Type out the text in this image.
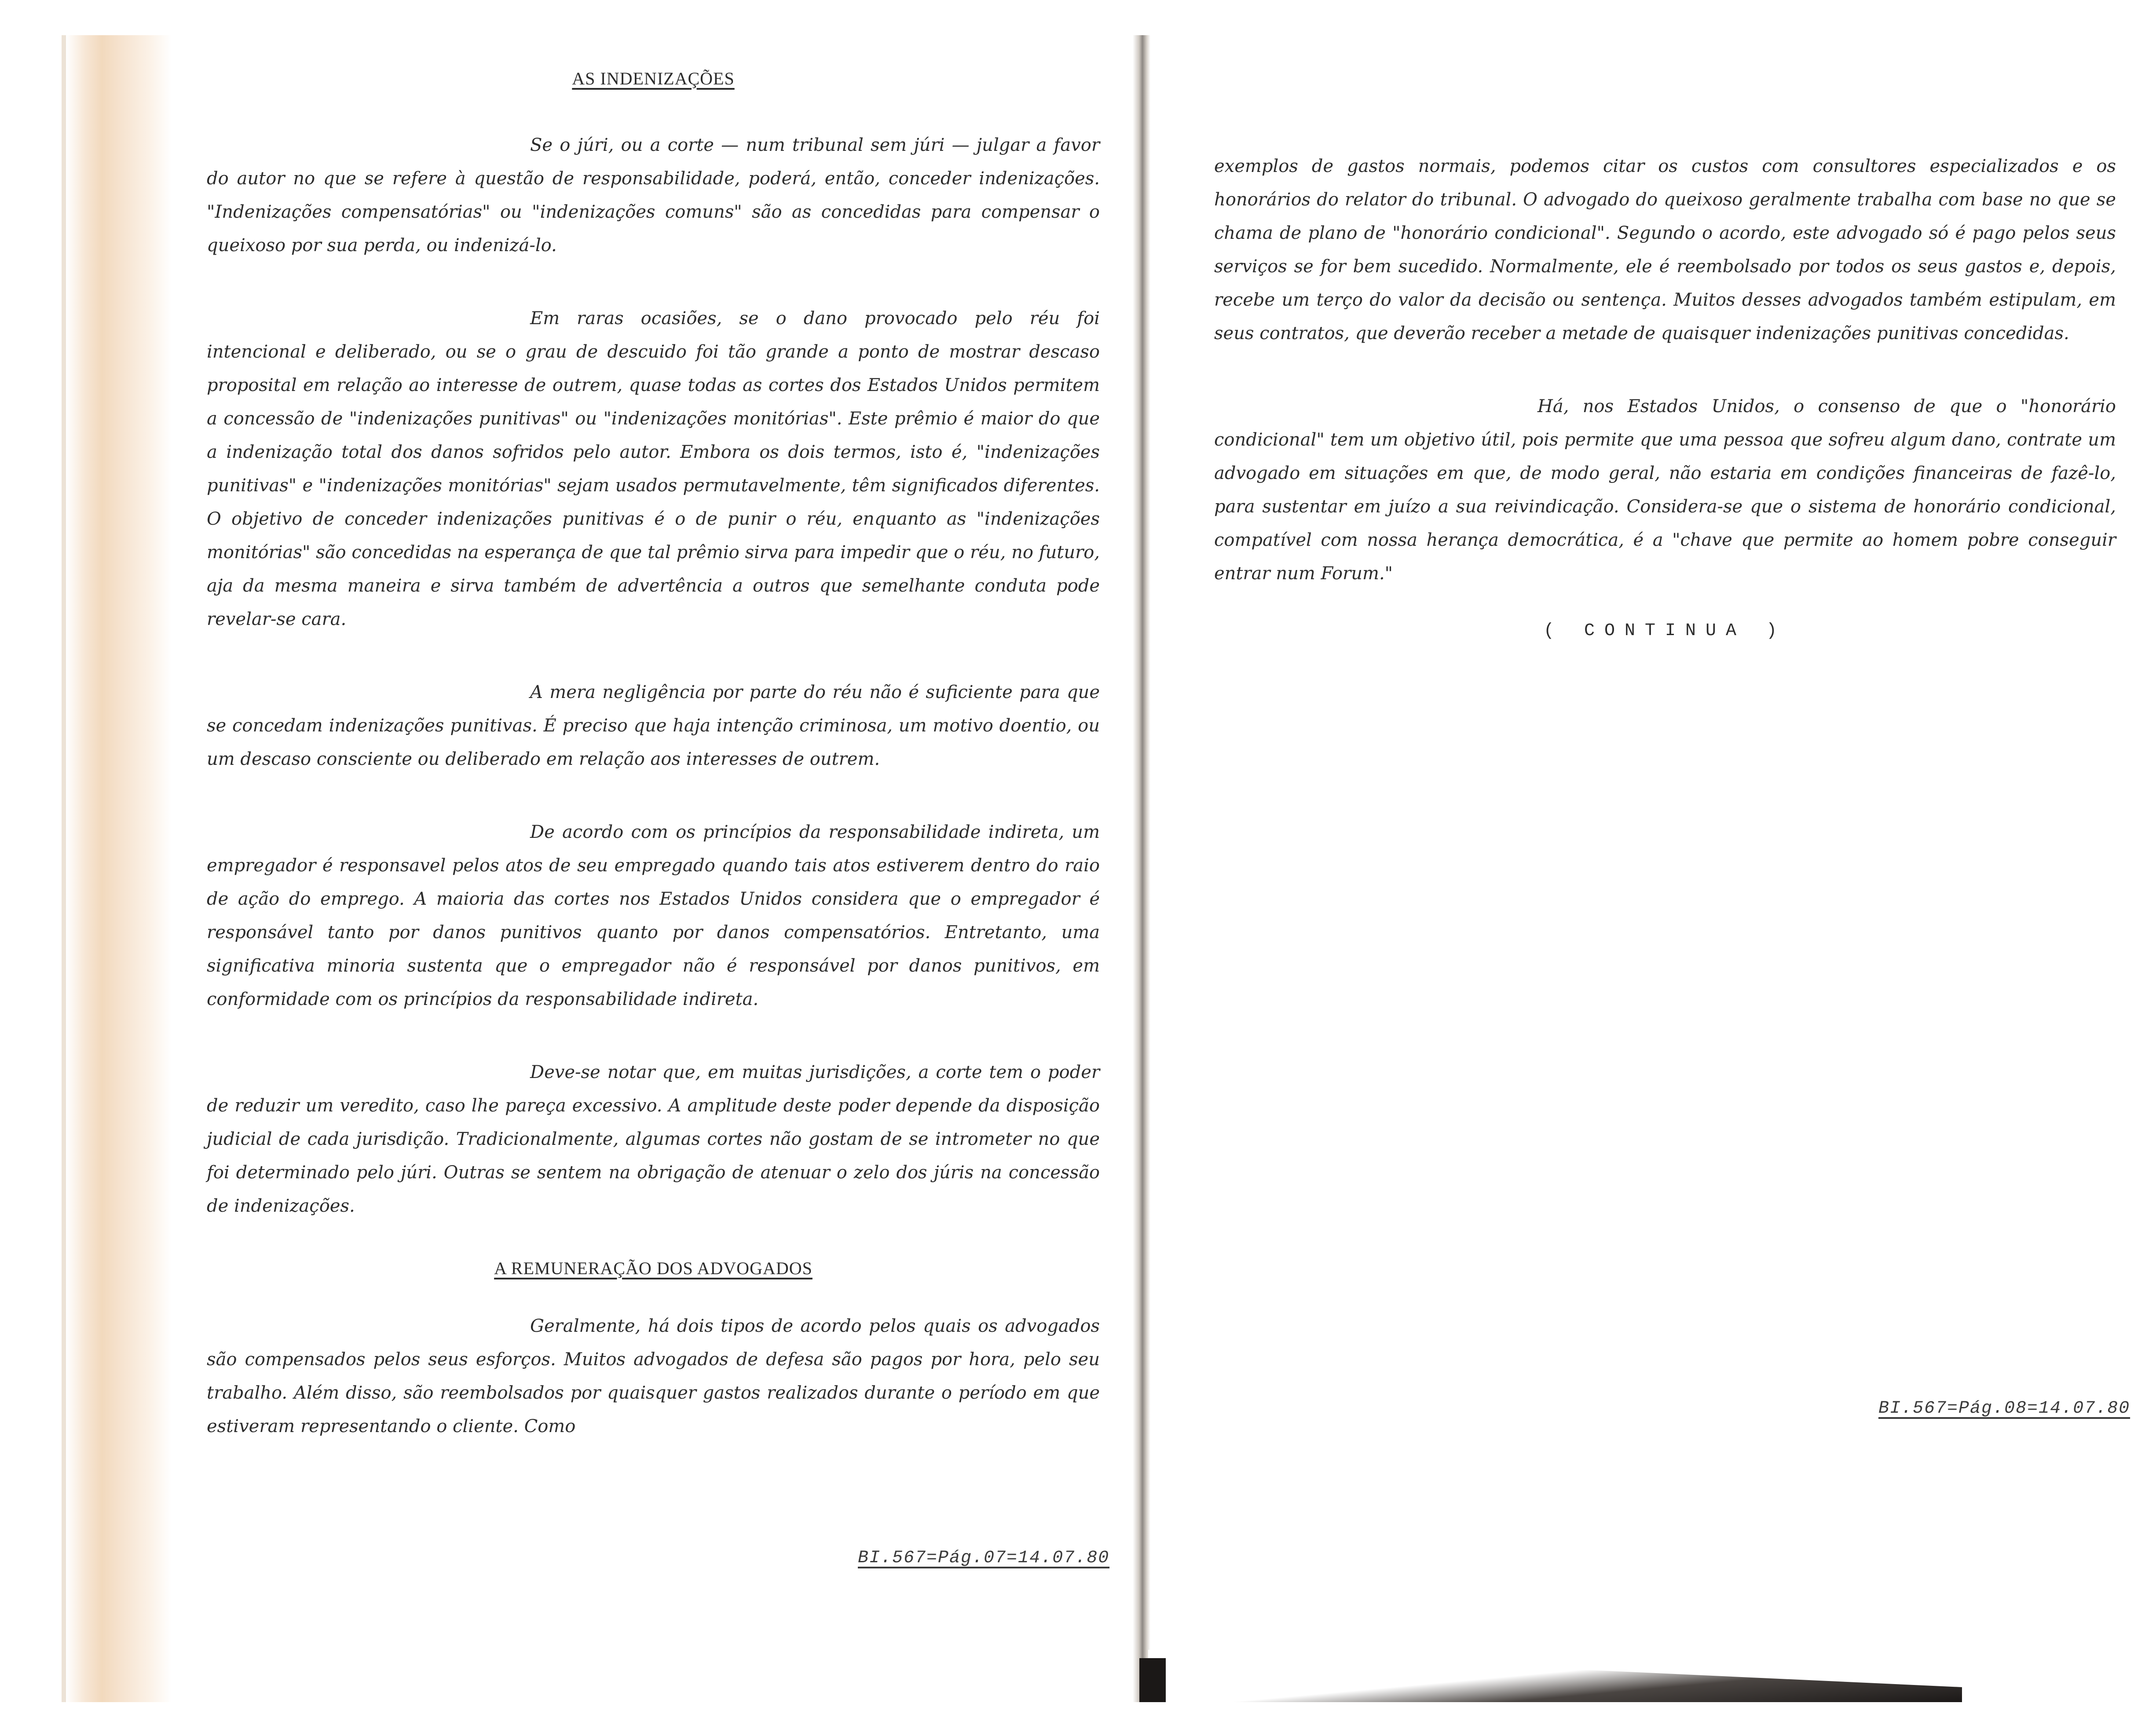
AS INDENIZAÇÕES

Se o júri, ou a corte — num tribunal sem júri — julgar a favor do autor no que se refere à questão de responsabilidade, poderá, então, conceder indenizações. "Indenizações compensatórias" ou "indenizações comuns" são as concedidas para compensar o queixoso por sua perda, ou indenizá-lo.

Em raras ocasiões, se o dano provocado pelo réu foi intencional e deliberado, ou se o grau de descuido foi tão grande a ponto de mostrar descaso proposital em relação ao interesse de outrem, quase todas as cortes dos Estados Unidos permitem a concessão de "indenizações punitivas" ou "indenizações monitórias". Este prêmio é maior do que a indenização total dos danos sofridos pelo autor. Embora os dois termos, isto é, "indenizações punitivas" e "indenizações monitórias" sejam usados permutavelmente, têm significados diferentes. O objetivo de conceder indenizações punitivas é o de punir o réu, enquanto as "indenizações monitórias" são concedidas na esperança de que tal prêmio sirva para impedir que o réu, no futuro, aja da mesma maneira e sirva também de advertência a outros que semelhante conduta pode revelar-se cara.

A mera negligência por parte do réu não é suficiente para que se concedam indenizações punitivas. É preciso que haja intenção criminosa, um motivo doentio, ou um descaso consciente ou deliberado em relação aos interesses de outrem.

De acordo com os princípios da responsabilidade indireta, um empregador é responsavel pelos atos de seu empregado quando tais atos estiverem dentro do raio de ação do emprego. A maioria das cortes nos Estados Unidos considera que o empregador é responsável tanto por danos punitivos quanto por danos compensatórios. Entretanto, uma significativa minoria sustenta que o empregador não é responsável por danos punitivos, em conformidade com os princípios da responsabilidade indireta.

Deve-se notar que, em muitas jurisdições, a corte tem o poder de reduzir um veredito, caso lhe pareça excessivo. A amplitude deste poder depende da disposição judicial de cada jurisdição. Tradicionalmente, algumas cortes não gostam de se intrometer no que foi determinado pelo júri. Outras se sentem na obrigação de atenuar o zelo dos júris na concessão de indenizações.

A REMUNERAÇÃO DOS ADVOGADOS

Geralmente, há dois tipos de acordo pelos quais os advogados são compensados pelos seus esforços. Muitos advogados de defesa são pagos por hora, pelo seu trabalho. Além disso, são reembolsados por quaisquer gastos realizados durante o período em que estiveram representando o cliente. Como

BI.567=Pág.07=14.07.80

exemplos de gastos normais, podemos citar os custos com consultores especializados e os honorários do relator do tribunal. O advogado do queixoso geralmente trabalha com base no que se chama de plano de "honorário condicional". Segundo o acordo, este advogado só é pago pelos seus serviços se for bem sucedido. Normalmente, ele é reembolsado por todos os seus gastos e, depois, recebe um terço do valor da decisão ou sentença. Muitos desses advogados também estipulam, em seus contratos, que deverão receber a metade de quaisquer indenizações punitivas concedidas.

Há, nos Estados Unidos, o consenso de que o "honorário condicional" tem um objetivo útil, pois permite que uma pessoa que sofreu algum dano, contrate um advogado em situações em que, de modo geral, não estaria em condições financeiras de fazê-lo, para sustentar em juízo a sua reivindicação. Considera-se que o sistema de honorário condicional, compatível com nossa herança democrática, é a "chave que permite ao homem pobre conseguir entrar num Forum."

( CONTINUA )

BI.567=Pág.08=14.07.80
